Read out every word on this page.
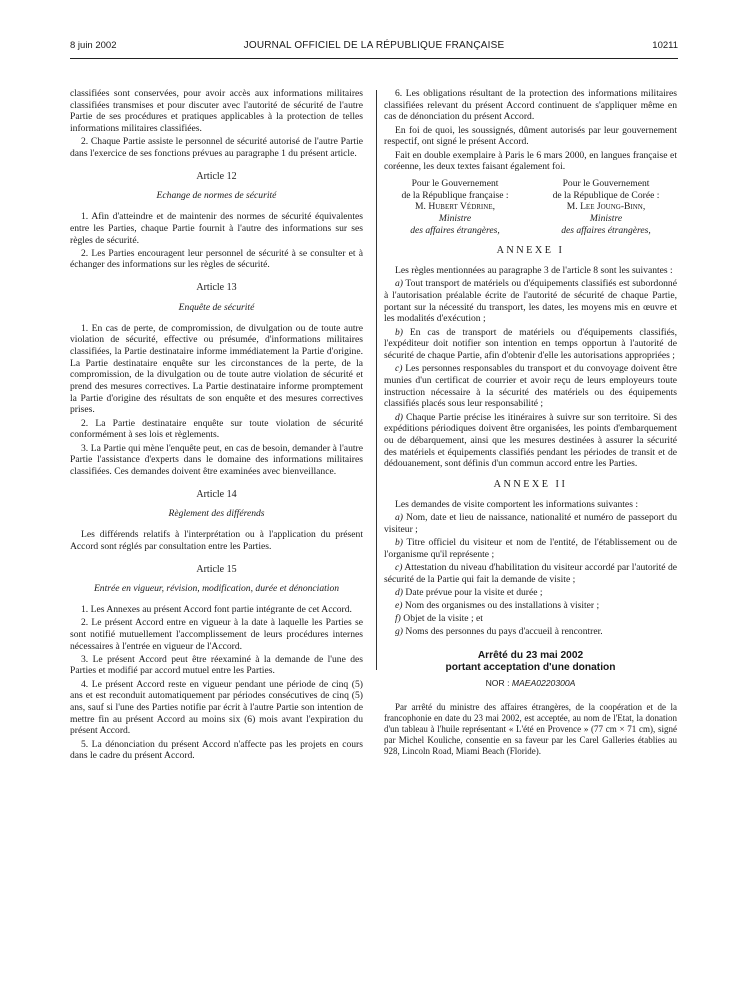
8 juin 2002	JOURNAL OFFICIEL DE LA RÉPUBLIQUE FRANÇAISE	10211

classifiées sont conservées, pour avoir accès aux informations militaires classifiées transmises et pour discuter avec l'autorité de sécurité de l'autre Partie de ses procédures et pratiques applicables à la protection de telles informations militaires classifiées.

2. Chaque Partie assiste le personnel de sécurité autorisé de l'autre Partie dans l'exercice de ses fonctions prévues au paragraphe 1 du présent article.

Article 12
Echange de normes de sécurité

1. Afin d'atteindre et de maintenir des normes de sécurité équivalentes entre les Parties, chaque Partie fournit à l'autre des informations sur ses règles de sécurité.

2. Les Parties encouragent leur personnel de sécurité à se consulter et à échanger des informations sur les règles de sécurité.

Article 13
Enquête de sécurité

1. En cas de perte, de compromission, de divulgation ou de toute autre violation de sécurité, effective ou présumée, d'informations militaires classifiées, la Partie destinataire informe immédiatement la Partie d'origine. La Partie destinataire enquête sur les circonstances de la perte, de la compromission, de la divulgation ou de toute autre violation de sécurité et prend des mesures correctives. La Partie destinataire informe promptement la Partie d'origine des résultats de son enquête et des mesures correctives prises.

2. La Partie destinataire enquête sur toute violation de sécurité conformément à ses lois et règlements.

3. La Partie qui mène l'enquête peut, en cas de besoin, demander à l'autre Partie l'assistance d'experts dans le domaine des informations militaires classifiées. Ces demandes doivent être examinées avec bienveillance.

Article 14
Règlement des différends

Les différends relatifs à l'interprétation ou à l'application du présent Accord sont réglés par consultation entre les Parties.

Article 15
Entrée en vigueur, révision, modification, durée et dénonciation

1. Les Annexes au présent Accord font partie intégrante de cet Accord.

2. Le présent Accord entre en vigueur à la date à laquelle les Parties se sont notifié mutuellement l'accomplissement de leurs procédures internes nécessaires à l'entrée en vigueur de l'Accord.

3. Le présent Accord peut être réexaminé à la demande de l'une des Parties et modifié par accord mutuel entre les Parties.

4. Le présent Accord reste en vigueur pendant une période de cinq (5) ans et est reconduit automatiquement par périodes consécutives de cinq (5) ans, sauf si l'une des Parties notifie par écrit à l'autre Partie son intention de mettre fin au présent Accord au moins six (6) mois avant l'expiration du présent Accord.

5. La dénonciation du présent Accord n'affecte pas les projets en cours dans le cadre du présent Accord.

6. Les obligations résultant de la protection des informations militaires classifiées relevant du présent Accord continuent de s'appliquer même en cas de dénonciation du présent Accord.

En foi de quoi, les soussignés, dûment autorisés par leur gouvernement respectif, ont signé le présent Accord.

Fait en double exemplaire à Paris le 6 mars 2000, en langues française et coréenne, les deux textes faisant également foi.

Pour le Gouvernement
de la République française :
M. Hubert Védrine,
Ministre
des affaires étrangères,
Pour le Gouvernement
de la République de Corée :
M. Lee Joung-Binn,
Ministre
des affaires étrangères,
ANNEXE I

Les règles mentionnées au paragraphe 3 de l'article 8 sont les suivantes :

a) Tout transport de matériels ou d'équipements classifiés est subordonné à l'autorisation préalable écrite de l'autorité de sécurité de chaque Partie, portant sur la nécessité du transport, les dates, les moyens mis en œuvre et les modalités d'exécution ;

b) En cas de transport de matériels ou d'équipements classifiés, l'expéditeur doit notifier son intention en temps opportun à l'autorité de sécurité de chaque Partie, afin d'obtenir d'elle les autorisations appropriées ;

c) Les personnes responsables du transport et du convoyage doivent être munies d'un certificat de courrier et avoir reçu de leurs employeurs toute instruction nécessaire à la sécurité des matériels ou des équipements classifiés placés sous leur responsabilité ;

d) Chaque Partie précise les itinéraires à suivre sur son territoire. Si des expéditions périodiques doivent être organisées, les points d'embarquement ou de débarquement, ainsi que les mesures destinées à assurer la sécurité des matériels et équipements classifiés pendant les périodes de transit et de dédouanement, sont définis d'un commun accord entre les Parties.

ANNEXE II

Les demandes de visite comportent les informations suivantes :

a) Nom, date et lieu de naissance, nationalité et numéro de passeport du visiteur ;

b) Titre officiel du visiteur et nom de l'entité, de l'établissement ou de l'organisme qu'il représente ;

c) Attestation du niveau d'habilitation du visiteur accordé par l'autorité de sécurité de la Partie qui fait la demande de visite ;

d) Date prévue pour la visite et durée ;

e) Nom des organismes ou des installations à visiter ;

f) Objet de la visite ; et

g) Noms des personnes du pays d'accueil à rencontrer.

Arrêté du 23 mai 2002
portant acceptation d'une donation
NOR : MAEA0220300A

Par arrêté du ministre des affaires étrangères, de la coopération et de la francophonie en date du 23 mai 2002, est acceptée, au nom de l'Etat, la donation d'un tableau à l'huile représentant « L'été en Provence » (77 cm × 71 cm), signé par Michel Kouliche, consentie en sa faveur par les Carel Galleries établies au 928, Lincoln Road, Miami Beach (Floride).
